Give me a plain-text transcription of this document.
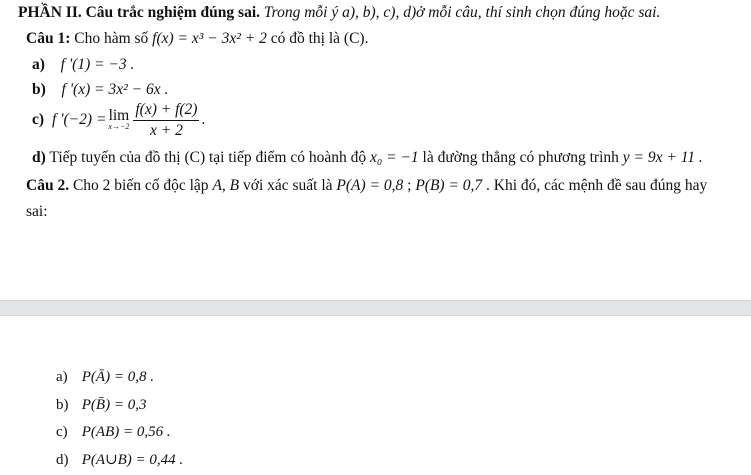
PHẦN II. Câu trắc nghiệm đúng sai. Trong mỗi ý a), b), c), d)ở mỗi câu, thí sinh chọn đúng hoặc sai.
Câu 1: Cho hàm số f(x) = x³ − 3x² + 2 có đồ thị là (C).
a) f '(1) = −3 .
b) f '(x) = 3x² − 6x .
c) f '(−2) = lim
$x\to-2 \frac{f(x) + f(2)}{x + 2}$ .
d) Tiếp tuyến của đồ thị (C) tại tiếp điểm có hoành độ x₀ = −1 là đường thẳng có phương trình y = 9x + 11 .
Câu 2. Cho 2 biến cố độc lập A, B với xác suất là P(A) = 0,8 ; P(B) = 0,7 . Khi đó, các mệnh đề sau đúng hay
sai:
a) P(Ā) = 0,8 .
b) P(B̄) = 0,3
c) P(AB) = 0,56 .
d) P(A∪B) = 0,44 .
